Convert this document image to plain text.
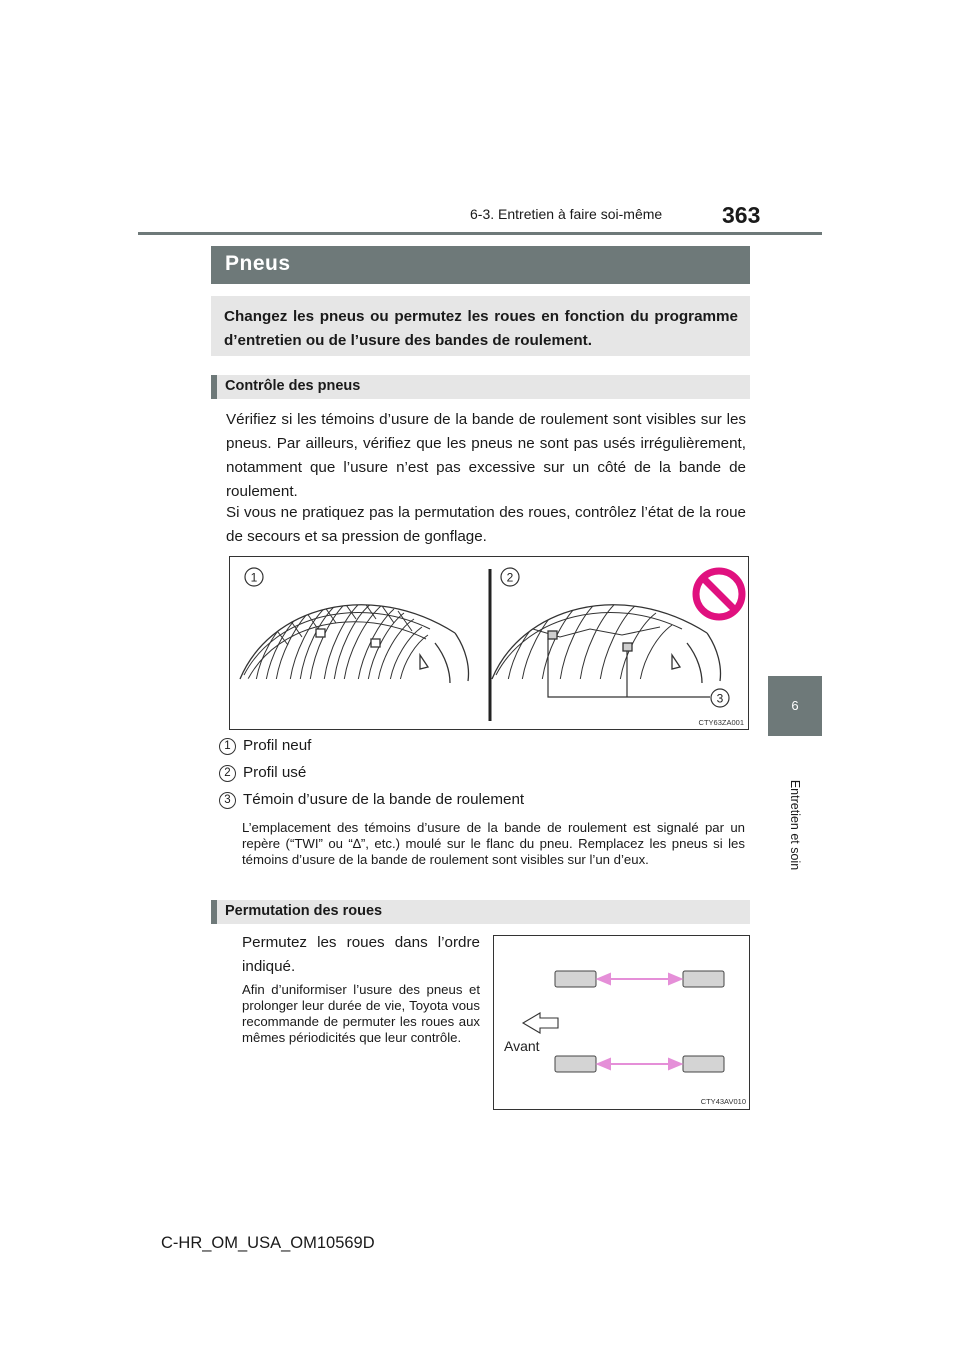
363
6-3. Entretien à faire soi-même
6
Entretien et soin
Pneus

Changez les pneus ou permutez les roues en fonction du programme d’entretien ou de l’usure des bandes de roulement.

Contrôle des pneus

Vérifiez si les témoins d’usure de la bande de roulement sont visibles sur les pneus. Par ailleurs, vérifiez que les pneus ne sont pas usés irrégulièrement, notamment que l’usure n’est pas excessive sur un côté de la bande de roulement.

Si vous ne pratiquez pas la permutation des roues, contrôlez l’état de la roue de secours et sa pression de gonflage.

1	2
3
CTY63ZA001
1 Profil neuf
2 Profil usé
3 Témoin d’usure de la bande de roulement

L’emplacement des témoins d’usure de la bande de roulement est signalé par un repère (“TWI” ou “∆”, etc.) moulé sur le flanc du pneu. Remplacez les pneus si les témoins d’usure de la bande de roulement sont visibles sur l’un d’eux.

Permutation des roues

Permutez les roues dans l’ordre indiqué.

Afin d’uniformiser l’usure des pneus et prolonger leur durée de vie, Toyota vous recommande de permuter les roues aux mêmes périodicités que leur contrôle.

Avant
CTY43AV010
C-HR_OM_USA_OM10569D
